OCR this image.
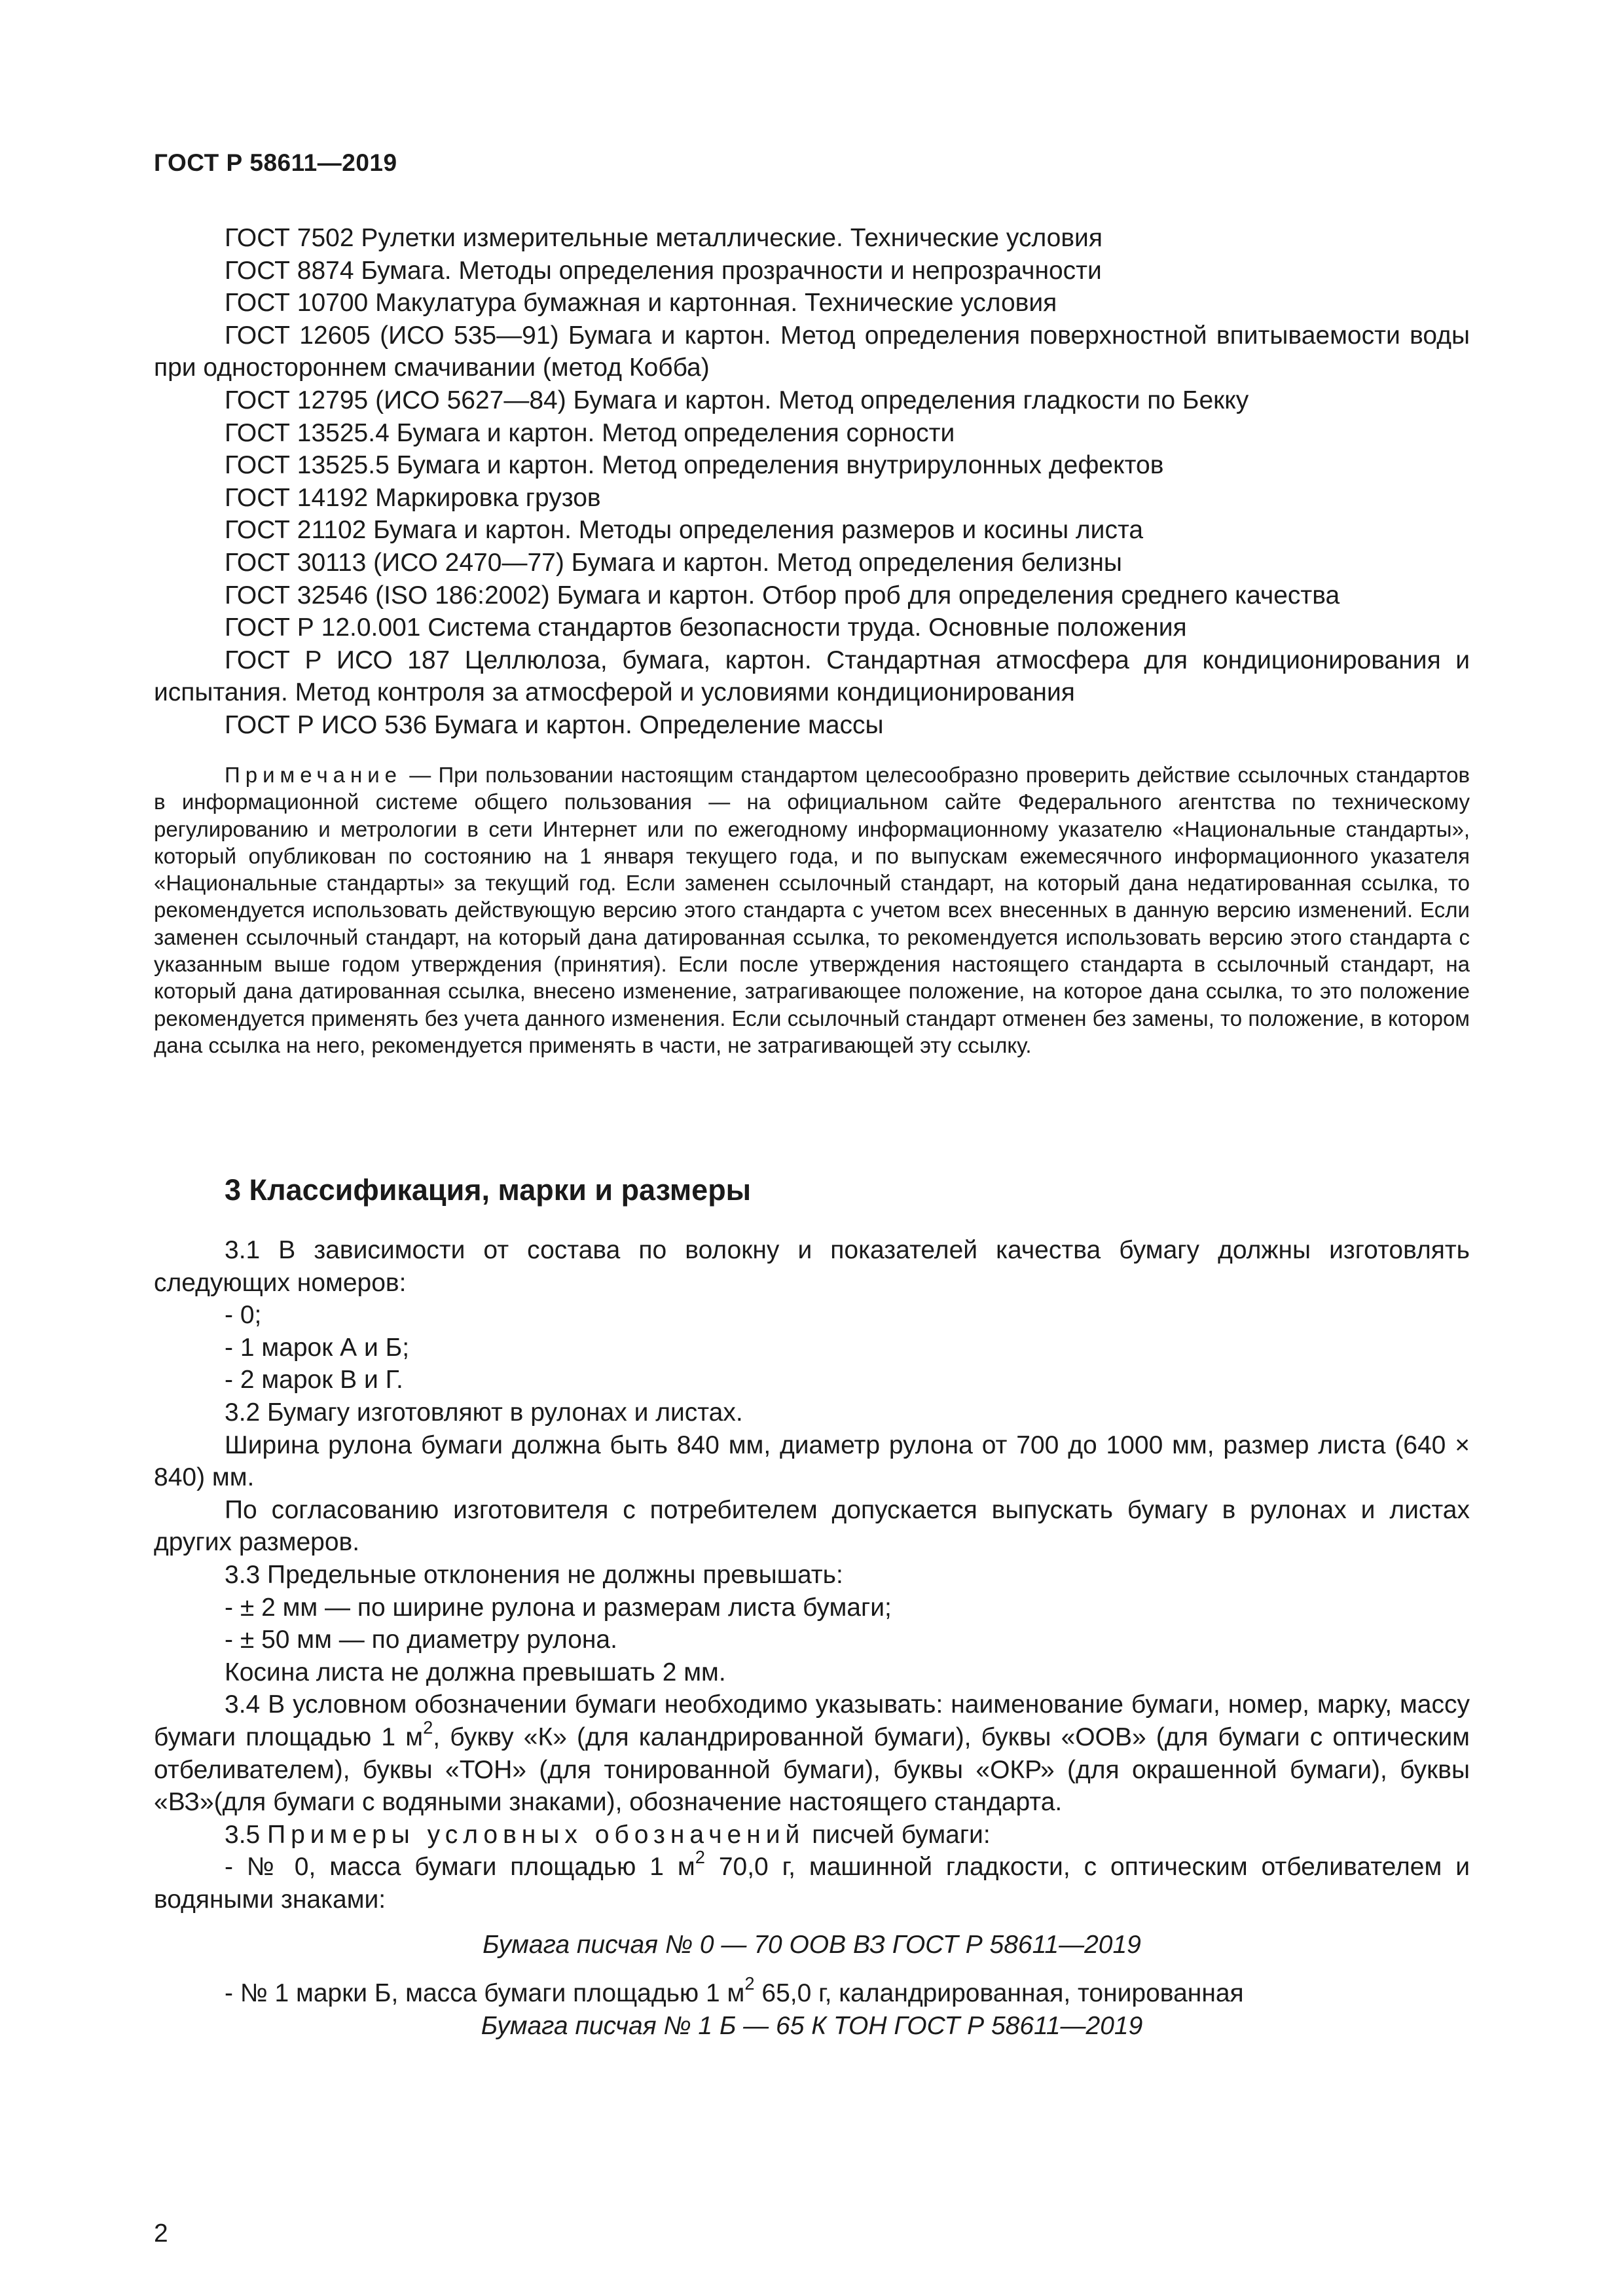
ГОСТ Р 58611—2019

ГОСТ 7502 Рулетки измерительные металлические. Технические условия

ГОСТ 8874 Бумага. Методы определения прозрачности и непрозрачности

ГОСТ 10700 Макулатура бумажная и картонная. Технические условия

ГОСТ 12605 (ИСО 535—91) Бумага и картон. Метод определения поверхностной впитываемости воды при одностороннем смачивании (метод Кобба)

ГОСТ 12795 (ИСО 5627—84) Бумага и картон. Метод определения гладкости по Бекку

ГОСТ 13525.4 Бумага и картон. Метод определения сорности

ГОСТ 13525.5 Бумага и картон. Метод определения внутрирулонных дефектов

ГОСТ 14192 Маркировка грузов

ГОСТ 21102 Бумага и картон. Методы определения размеров и косины листа

ГОСТ 30113 (ИСО 2470—77) Бумага и картон. Метод определения белизны

ГОСТ 32546 (ISO 186:2002) Бумага и картон. Отбор проб для определения среднего качества

ГОСТ Р 12.0.001 Система стандартов безопасности труда. Основные положения

ГОСТ Р ИСО 187 Целлюлоза, бумага, картон. Стандартная атмосфера для кондиционирования и испытания. Метод контроля за атмосферой и условиями кондиционирования

ГОСТ Р ИСО 536 Бумага и картон. Определение массы

Примечание — При пользовании настоящим стандартом целесообразно проверить действие ссылочных стандартов в информационной системе общего пользования — на официальном сайте Федерального агентства по техническому регулированию и метрологии в сети Интернет или по ежегодному информационному указателю «Национальные стандарты», который опубликован по состоянию на 1 января текущего года, и по выпускам ежемесячного информационного указателя «Национальные стандарты» за текущий год. Если заменен ссылочный стандарт, на который дана недатированная ссылка, то рекомендуется использовать действующую версию этого стандарта с учетом всех внесенных в данную версию изменений. Если заменен ссылочный стандарт, на который дана датированная ссылка, то рекомендуется использовать версию этого стандарта с указанным выше годом утверждения (принятия). Если после утверждения настоящего стандарта в ссылочный стандарт, на который дана датированная ссылка, внесено изменение, затрагивающее положение, на которое дана ссылка, то это положение рекомендуется применять без учета данного изменения. Если ссылочный стандарт отменен без замены, то положение, в котором дана ссылка на него, рекомендуется применять в части, не затрагивающей эту ссылку.

3 Классификация, марки и размеры

3.1 В зависимости от состава по волокну и показателей качества бумагу должны изготовлять следующих номеров:

- 0;

- 1 марок А и Б;

- 2 марок В и Г.

3.2 Бумагу изготовляют в рулонах и листах.

Ширина рулона бумаги должна быть 840 мм, диаметр рулона от 700 до 1000 мм, размер листа (640 × 840) мм.

По согласованию изготовителя с потребителем допускается выпускать бумагу в рулонах и листах других размеров.

3.3 Предельные отклонения не должны превышать:

- ± 2 мм — по ширине рулона и размерам листа бумаги;

- ± 50 мм — по диаметру рулона.

Косина листа не должна превышать 2 мм.

3.4 В условном обозначении бумаги необходимо указывать: наименование бумаги, номер, марку, массу бумаги площадью 1 $м^2$, букву «К» (для каландрированной бумаги), буквы «ООВ» (для бумаги с оптическим отбеливателем), буквы «ТОН» (для тонированной бумаги), буквы «ОКР» (для окрашенной бумаги), буквы «ВЗ»(для бумаги с водяными знаками), обозначение настоящего стандарта.

3.5 Примеры условных обозначений писчей бумаги:

- № 0, масса бумаги площадью 1 $м^2$ 70,0 г, машинной гладкости, с оптическим отбеливателем и водяными знаками:

Бумага писчая № 0 — 70 ООВ ВЗ ГОСТ Р 58611—2019

- № 1 марки Б, масса бумаги площадью 1 $м^2$ 65,0 г, каландрированная, тонированная

Бумага писчая № 1 Б — 65 К ТОН ГОСТ Р 58611—2019

2
